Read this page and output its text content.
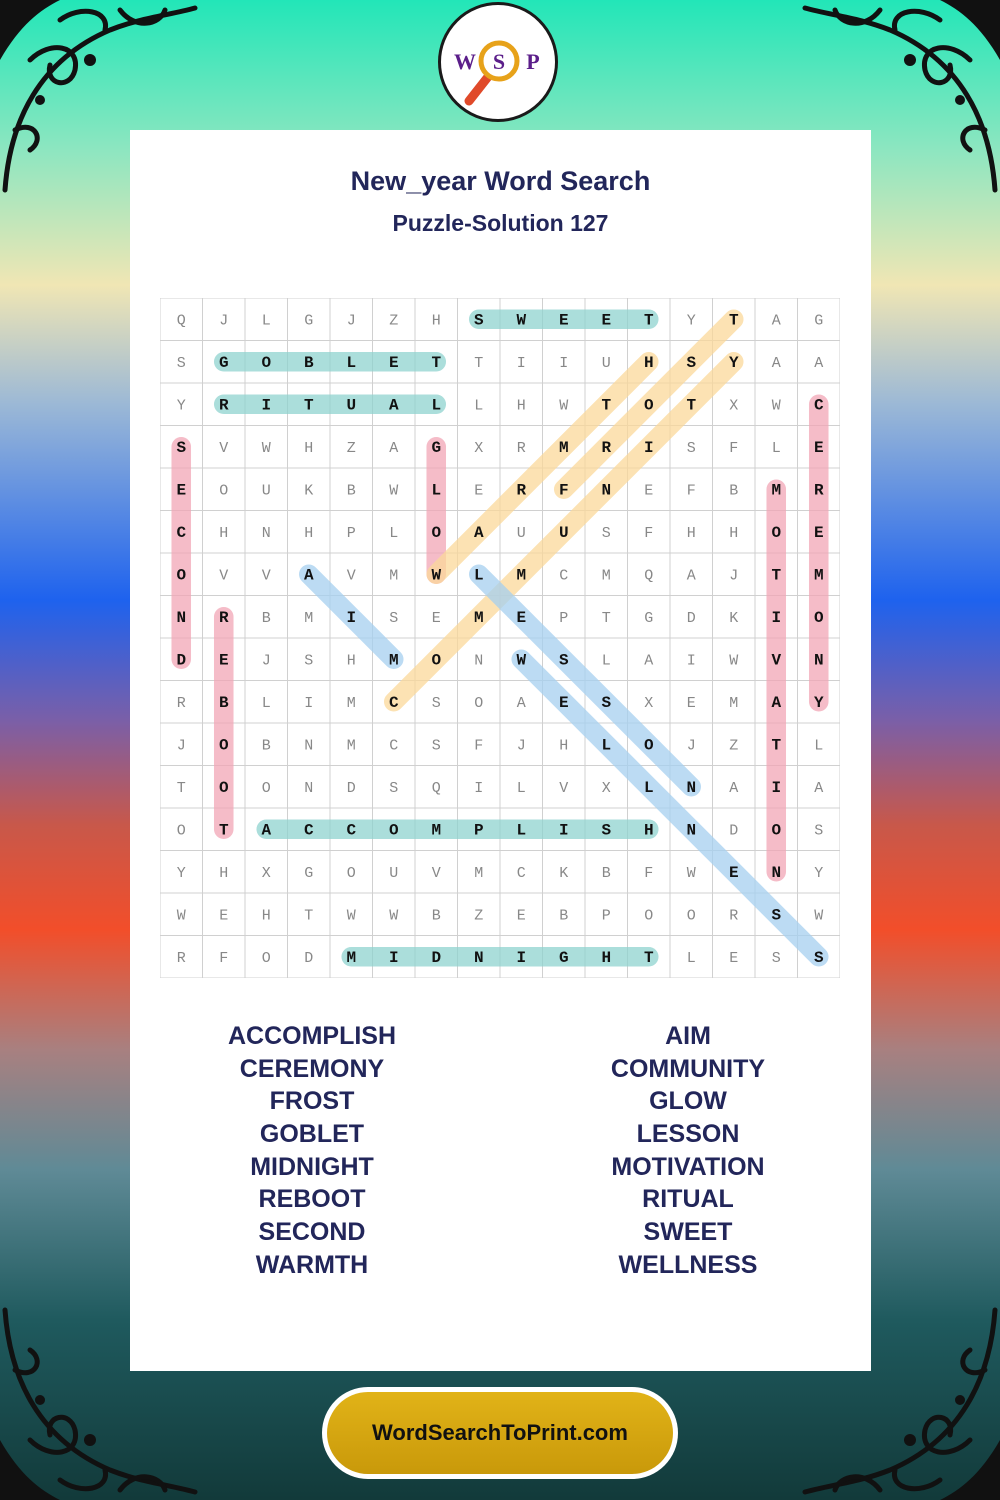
W S P
New_year Word Search
Puzzle-Solution 127
Q J L G J Z H S W E E T Y T A G
S G O B L E T T I I U H S Y A A
Y R I T U A L L H W T O T X W C
S V W H Z A G X R M R I S F L E
E O U K B W L E R F N E F B M R
C H N H P L O A U U S F H H O E
O V V A V M W L M C M Q A J T M
N R B M I S E M E P T G D K I O
D E J S H M O N W S L A I W V N
R B L I M C S O A E S X E M A Y
J O B N M C S F J H L O J Z T L
T O O N D S Q I L V X L N A I A
O T A C C O M P L I S H N D O S
Y H X G O U V M C K B F W E N Y
W E H T W W B Z E B P O O R S W
R F O D M I D N I G H T L E S S
ACCOMPLISH
CEREMONY
FROST
GOBLET
MIDNIGHT
REBOOT
SECOND
WARMTH
AIM
COMMUNITY
GLOW
LESSON
MOTIVATION
RITUAL
SWEET
WELLNESS
WordSearchToPrint.com
